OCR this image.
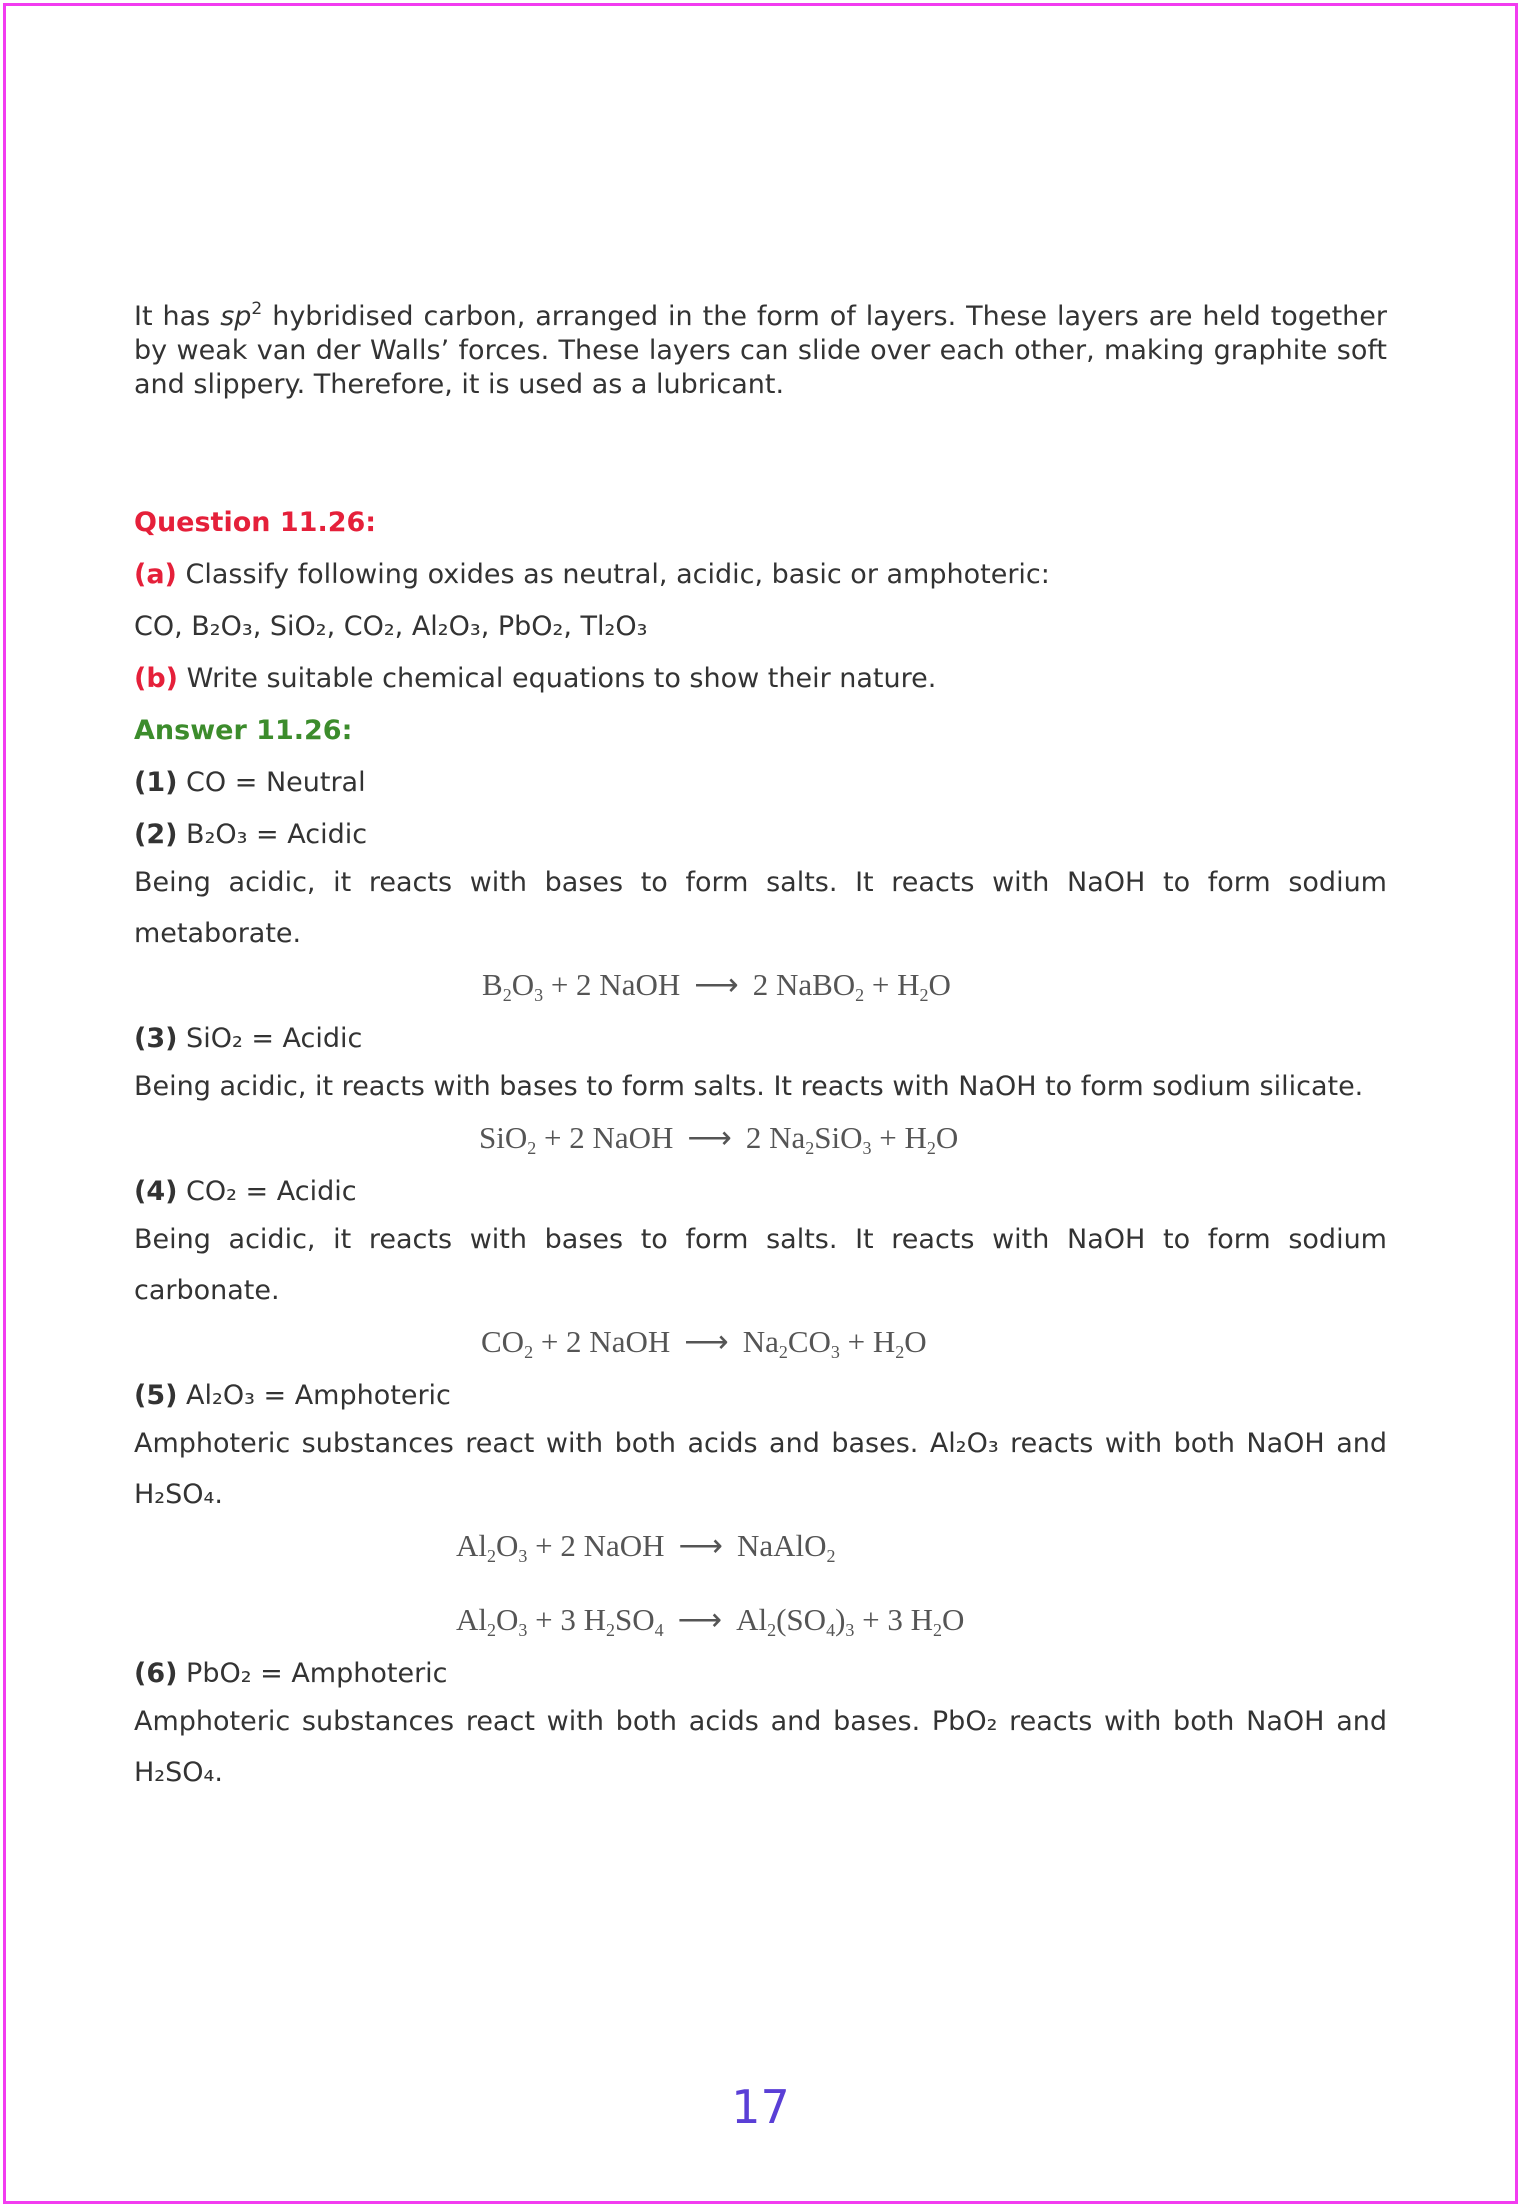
It has $sp^2$ hybridised carbon, arranged in the form of layers. These layers are held together by weak van der Walls’ forces. These layers can slide over each other, making graphite soft and slippery. Therefore, it is used as a lubricant.

Question 11.26:
(a) Classify following oxides as neutral, acidic, basic or amphoteric:
CO, B₂O₃, SiO₂, CO₂, Al₂O₃, PbO₂, Tl₂O₃
(b) Write suitable chemical equations to show their nature.
Answer 11.26:
(1) CO = Neutral
(2) B₂O₃ = Acidic
Being acidic, it reacts with bases to form salts. It reacts with NaOH to form sodium metaborate.
$B_2O_3 + 2$ NaOH ⟶ 2 NaBO$_2$ + $H_2O$
(3) SiO₂ = Acidic
Being acidic, it reacts with bases to form salts. It reacts with NaOH to form sodium silicate.
SiO$_2$ + 2 NaOH ⟶ 2 $Na_2SiO_3 + H_2O$
(4) CO₂ = Acidic
Being acidic, it reacts with bases to form salts. It reacts with NaOH to form sodium carbonate.
$CO_2 + 2$ NaOH ⟶ $Na_2CO_3 + H_2O$
(5) Al₂O₃ = Amphoteric
Amphoteric substances react with both acids and bases. Al₂O₃ reacts with both NaOH and H₂SO₄.
$Al_2O_3 + 2$ NaOH ⟶ NaAlO$_2$
$Al_2O_3 + 3$ $H_2SO_4$ ⟶ $Al_2(SO_4)_3 + 3$ $H_2O$
(6) PbO₂ = Amphoteric
Amphoteric substances react with both acids and bases. PbO₂ reacts with both NaOH and H₂SO₄.
17
